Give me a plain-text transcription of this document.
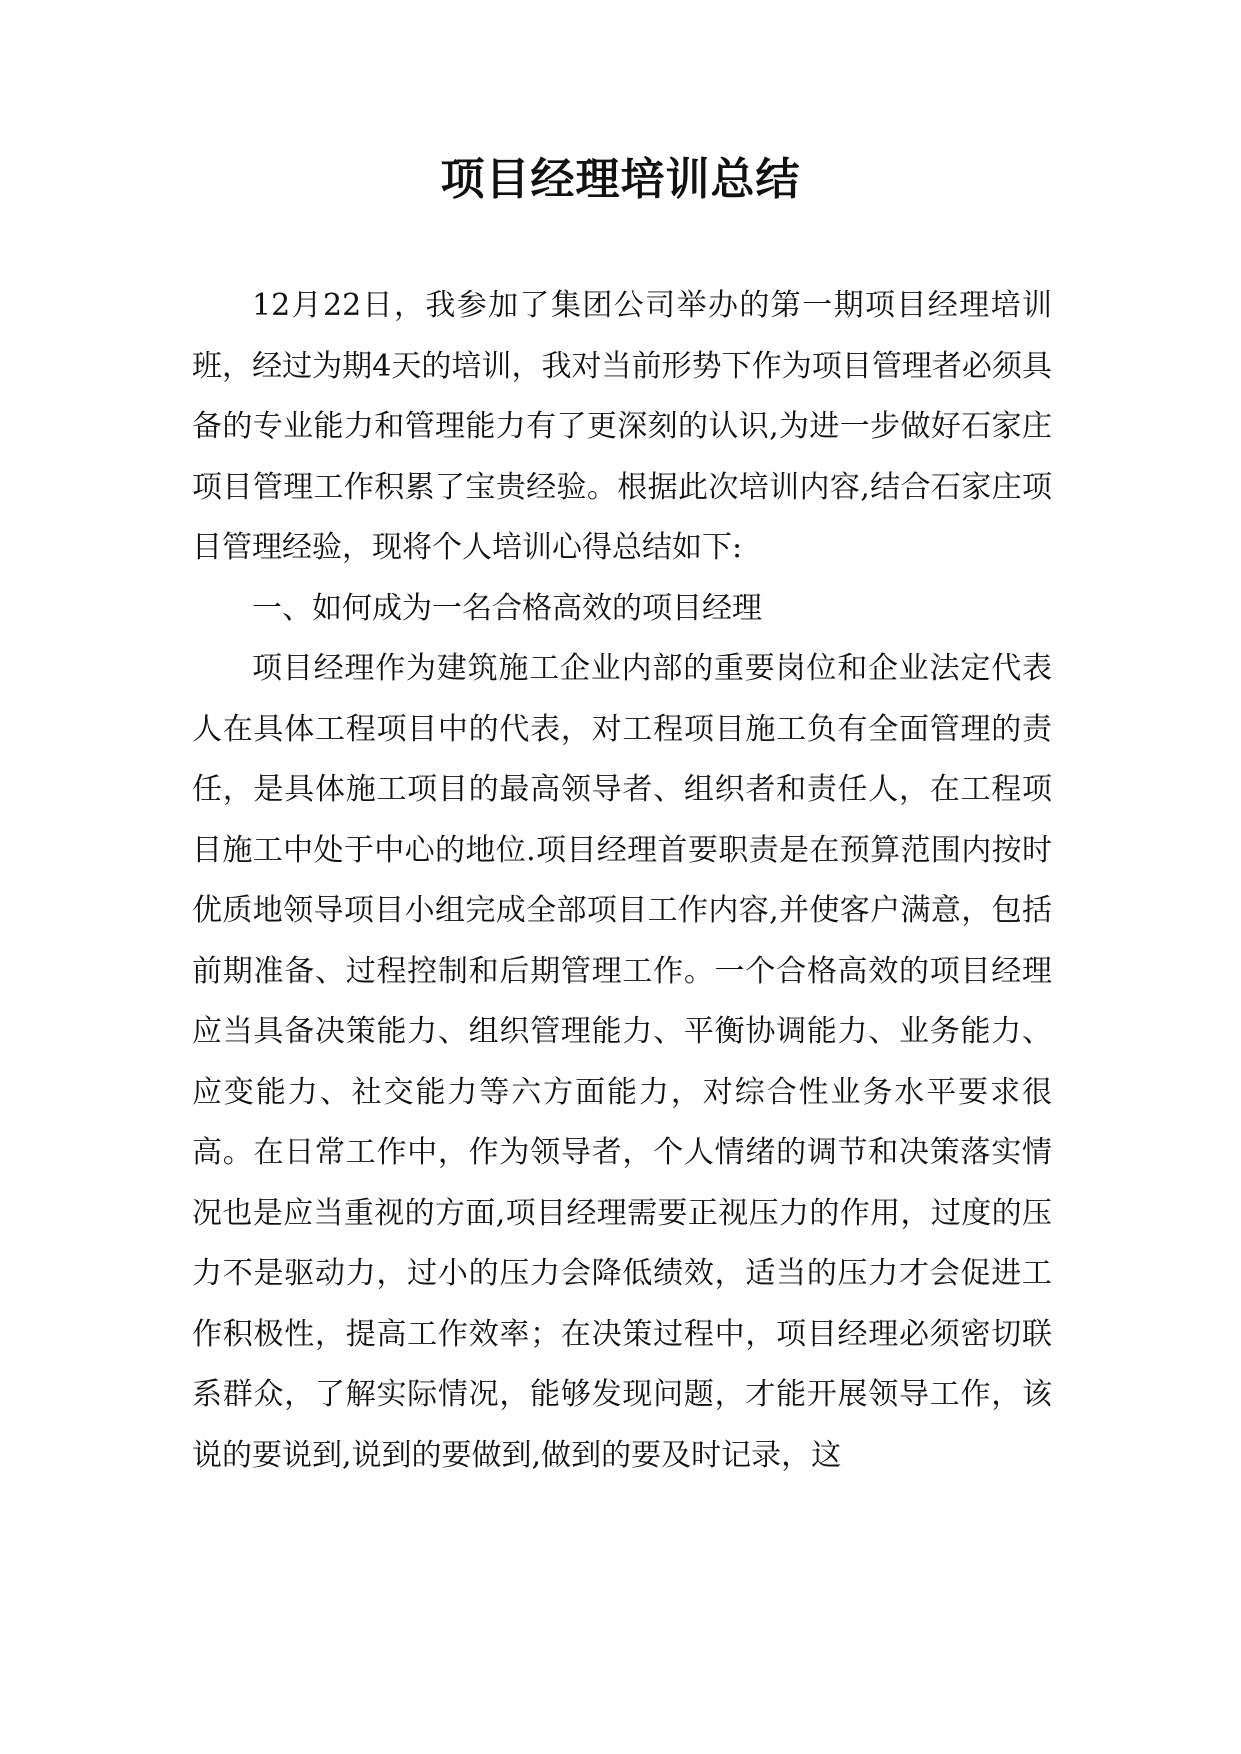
项目经理培训总结

12月22日，我参加了集团公司举办的第一期项目经理培训班，经过为期4天的培训，我对当前形势下作为项目管理者必须具备的专业能力和管理能力有了更深刻的认识,为进一步做好石家庄项目管理工作积累了宝贵经验。根据此次培训内容,结合石家庄项目管理经验，现将个人培训心得总结如下:

一、如何成为一名合格高效的项目经理

项目经理作为建筑施工企业内部的重要岗位和企业法定代表人在具体工程项目中的代表，对工程项目施工负有全面管理的责任，是具体施工项目的最高领导者、组织者和责任人，在工程项目施工中处于中心的地位.项目经理首要职责是在预算范围内按时优质地领导项目小组完成全部项目工作内容,并使客户满意，包括前期准备、过程控制和后期管理工作。一个合格高效的项目经理应当具备决策能力、组织管理能力、平衡协调能力、业务能力、应变能力、社交能力等六方面能力，对综合性业务水平要求很高。在日常工作中，作为领导者，个人情绪的调节和决策落实情况也是应当重视的方面,项目经理需要正视压力的作用，过度的压力不是驱动力，过小的压力会降低绩效，适当的压力才会促进工作积极性，提高工作效率；在决策过程中，项目经理必须密切联系群众，了解实际情况，能够发现问题，才能开展领导工作，该说的要说到,说到的要做到,做到的要及时记录，这
